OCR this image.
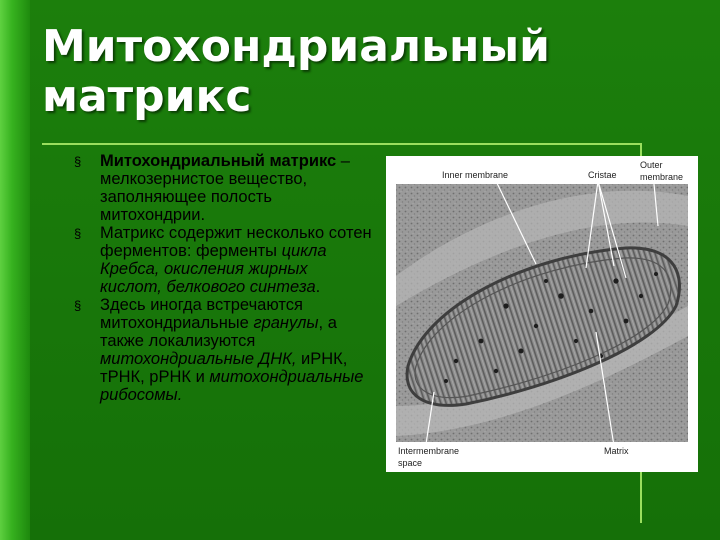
Митохондриальный
матрикс
§ Митохондриальный матрикс – мелкозернистое вещество, заполняющее полость митохондрии.
§ Матрикс содержит несколько сотен ферментов: ферменты цикла Кребса, окисления жирных кислот, белкового синтеза.
§ Здесь иногда встречаются митохондриальные гранулы, а также локализуются митохондриальные ДНК, иРНК, тРНК, рРНК и митохондриальные рибосомы.
Inner membrane	Cristae
Outer
membrane
Intermembrane
space
Matrix
